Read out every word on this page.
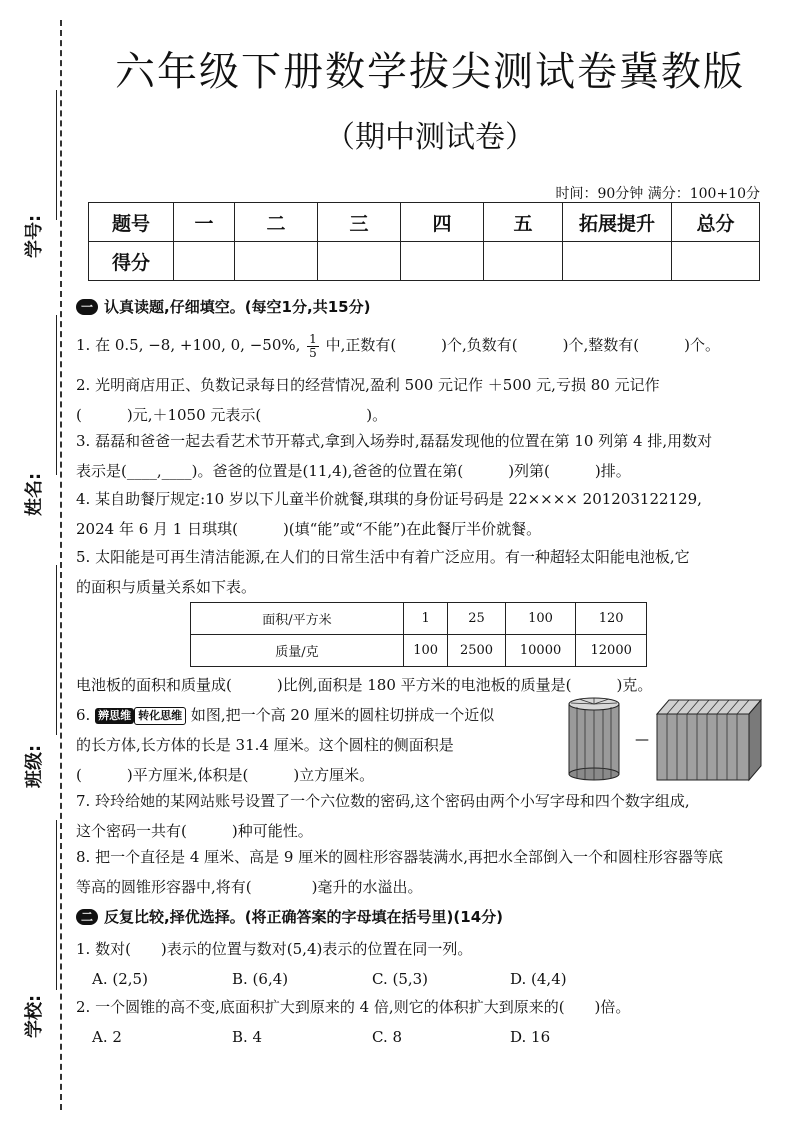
学号:
姓名:
班级:
学校:
六年级下册数学拔尖测试卷冀教版
（期中测试卷）
时间：90分钟 满分：100+10分
题号	一	二	三	四	五	拓展提升	总分
得分							
一 认真读题,仔细填空。(每空1分,共15分)
1. 在 0.5, −8, +100, 0, −50%, $\frac{1}{5}$ 中,正数有(　　　)个,负数有(　　　)个,整数有(　　　)个。
2. 光明商店用正、负数记录每日的经营情况,盈利 500 元记作 ＋500 元,亏损 80 元记作
(　　　)元,＋1050 元表示(　　　　　　　)。
3. 磊磊和爸爸一起去看艺术节开幕式,拿到入场券时,磊磊发现他的位置在第 10 列第 4 排,用数对
表示是(____,____)。爸爸的位置是(11,4),爸爸的位置在第(　　　)列第(　　　)排。
4. 某自助餐厅规定:10 岁以下儿童半价就餐,琪琪的身份证号码是 22×××× 201203122129,
2024 年 6 月 1 日琪琪(　　　)(填“能”或“不能”)在此餐厅半价就餐。
5. 太阳能是可再生清洁能源,在人们的日常生活中有着广泛应用。有一种超轻太阳能电池板,它
的面积与质量关系如下表。
面积/平方米	1	25	100	120
质量/克	100	2500	10000	12000
电池板的面积和质量成(　　　)比例,面积是 180 平方米的电池板的质量是(　　　)克。
6. 辨思维 转化思维 如图,把一个高 20 厘米的圆柱切拼成一个近似
的长方体,长方体的长是 31.4 厘米。这个圆柱的侧面积是
(　　　)平方厘米,体积是(　　　)立方厘米。
—
7. 玲玲给她的某网站账号设置了一个六位数的密码,这个密码由两个小写字母和四个数字组成,
这个密码一共有(　　　)种可能性。
8. 把一个直径是 4 厘米、高是 9 厘米的圆柱形容器装满水,再把水全部倒入一个和圆柱形容器等底
等高的圆锥形容器中,将有(　　　　)毫升的水溢出。
二 反复比较,择优选择。(将正确答案的字母填在括号里)(14分)
1. 数对(　　)表示的位置与数对(5,4)表示的位置在同一列。
A. (2,5)	B. (6,4)	C. (5,3)	D. (4,4)
2. 一个圆锥的高不变,底面积扩大到原来的 4 倍,则它的体积扩大到原来的(　　)倍。
A. 2	B. 4	C. 8	D. 16
